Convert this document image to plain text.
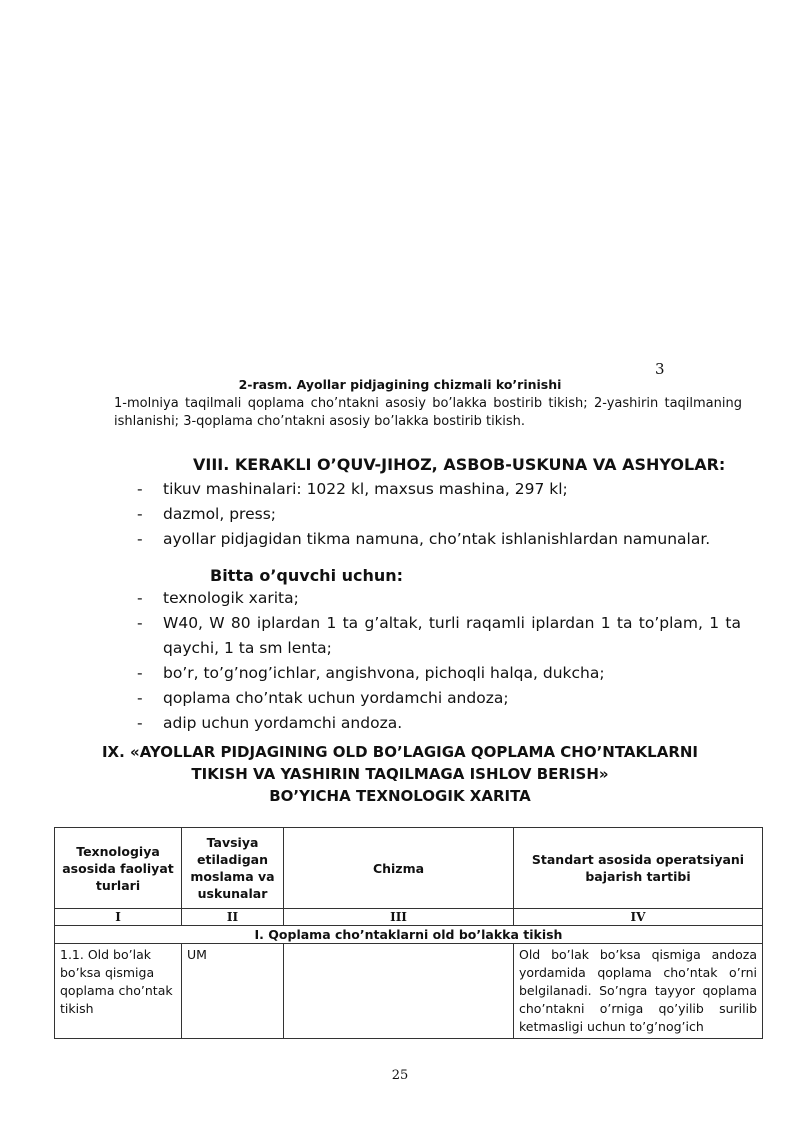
3
2-rasm. Ayollar pidjagining chizmali ko’rinishi
1-molniya taqilmali qoplama cho’ntakni asosiy bo’lakka bostirib tikish; 2-yashirin taqilmaning ishlanishi; 3-qoplama cho’ntakni asosiy bo’lakka bostirib tikish.
VIII. KERAKLI O’QUV-JIHOZ, ASBOB-USKUNA VA ASHYOLAR:
- tikuv mashinalari: 1022 kl, maxsus mashina, 297 kl;
- dazmol, press;
- ayollar pidjagidan tikma namuna, cho’ntak ishlanishlardan namunalar.
Bitta o’quvchi uchun:
- texnologik xarita;
- W40, W 80 iplardan 1 ta g’altak, turli raqamli iplardan 1 ta to’plam, 1 ta qaychi, 1 ta sm lenta;
- bo’r, to’g’nog’ichlar, angishvona, pichoqli halqa, dukcha;
- qoplama cho’ntak uchun yordamchi andoza;
- adip uchun yordamchi andoza.
IX. «AYOLLAR PIDJAGINING OLD BO’LAGIGA QOPLAMA CHO’NTAKLARNI
TIKISH VA YASHIRIN TAQILMAGA ISHLOV BERISH»
BO’YICHA TEXNOLOGIK XARITA
Texnologiya asosida faoliyat turlari	Tavsiya etiladigan moslama va uskunalar	Chizma	Standart asosida operatsiyani bajarish tartibi
I	II	III	IV
I. Qoplama cho’ntaklarni old bo’lakka tikish			
1.1. Old bo’lak bo’ksa qismiga qoplama cho’ntak tikish	UM		Old bo’lak bo’ksa qismiga andoza yordamida qoplama cho’ntak o’rni belgilanadi. So’ngra tayyor qoplama cho’ntakni o’rniga qo’yilib surilib ketmasligi uchun to’g’nog’ich
25
